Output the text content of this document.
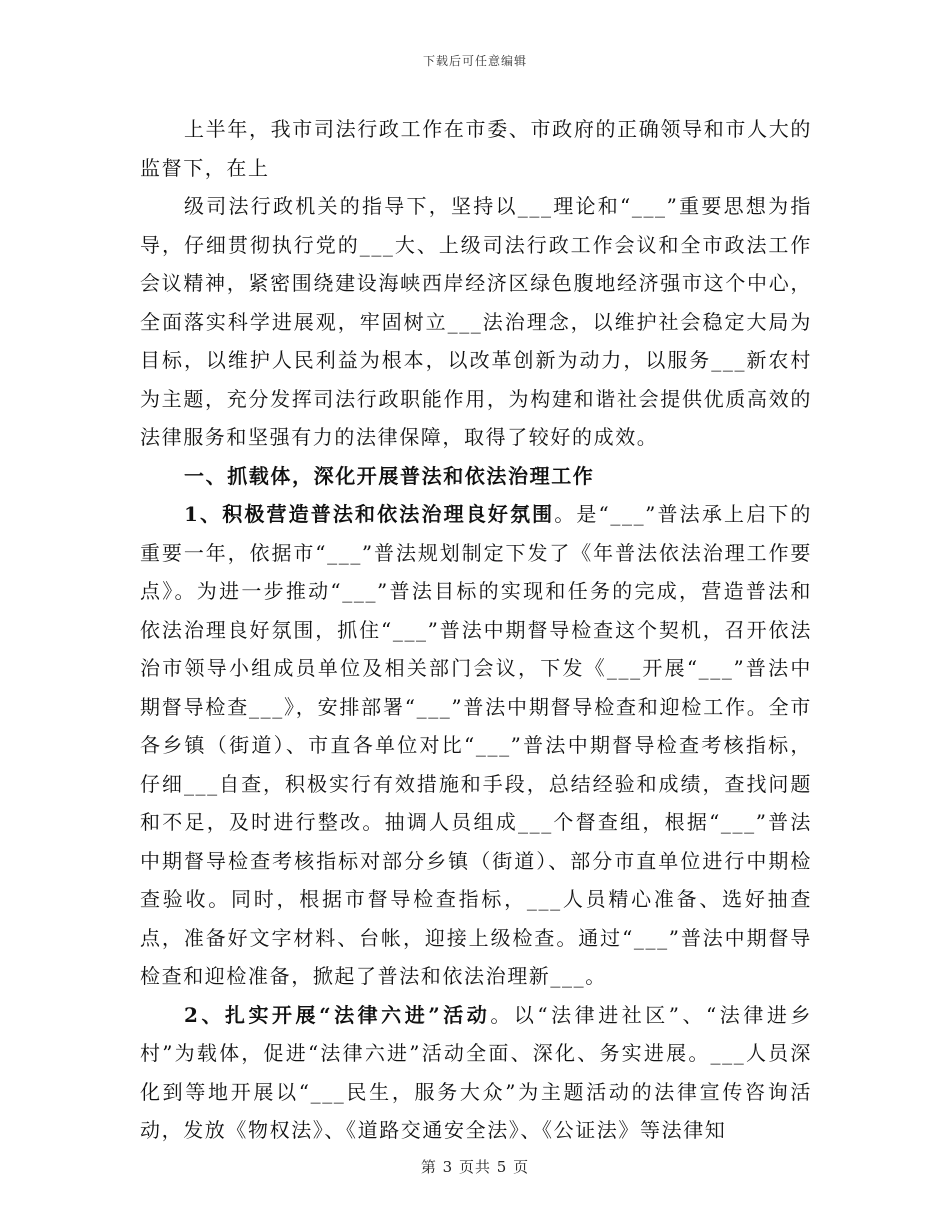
下载后可任意编辑

上半年，我市司法行政工作在市委、市政府的正确领导和市人大的监督下，在上

级司法行政机关的指导下，坚持以___理论和“___”重要思想为指导，仔细贯彻执行党的___大、上级司法行政工作会议和全市政法工作会议精神，紧密围绕建设海峡西岸经济区绿色腹地经济强市这个中心，全面落实科学进展观，牢固树立___法治理念，以维护社会稳定大局为目标，以维护人民利益为根本，以改革创新为动力，以服务___新农村为主题，充分发挥司法行政职能作用，为构建和谐社会提供优质高效的法律服务和坚强有力的法律保障，取得了较好的成效。

一、抓载体，深化开展普法和依法治理工作

1、积极营造普法和依法治理良好氛围。是“___”普法承上启下的重要一年，依据市“___”普法规划制定下发了《年普法依法治理工作要点》。为进一步推动“___”普法目标的实现和任务的完成，营造普法和依法治理良好氛围，抓住“___”普法中期督导检查这个契机，召开依法治市领导小组成员单位及相关部门会议，下发《___开展“___”普法中期督导检查___》，安排部署“___”普法中期督导检查和迎检工作。全市各乡镇（街道）、市直各单位对比“___”普法中期督导检查考核指标，仔细___自查，积极实行有效措施和手段，总结经验和成绩，查找问题和不足，及时进行整改。抽调人员组成___个督查组，根据“___”普法中期督导检查考核指标对部分乡镇（街道）、部分市直单位进行中期检查验收。同时，根据市督导检查指标，___人员精心准备、选好抽查点，准备好文字材料、台帐，迎接上级检查。通过“___”普法中期督导检查和迎检准备，掀起了普法和依法治理新___。

2、扎实开展“法律六进”活动。以“法律进社区”、“法律进乡村”为载体，促进“法律六进”活动全面、深化、务实进展。___人员深化到等地开展以“___民生，服务大众”为主题活动的法律宣传咨询活动，发放《物权法》、《道路交通安全法》、《公证法》等法律知

第 3 页共 5 页
